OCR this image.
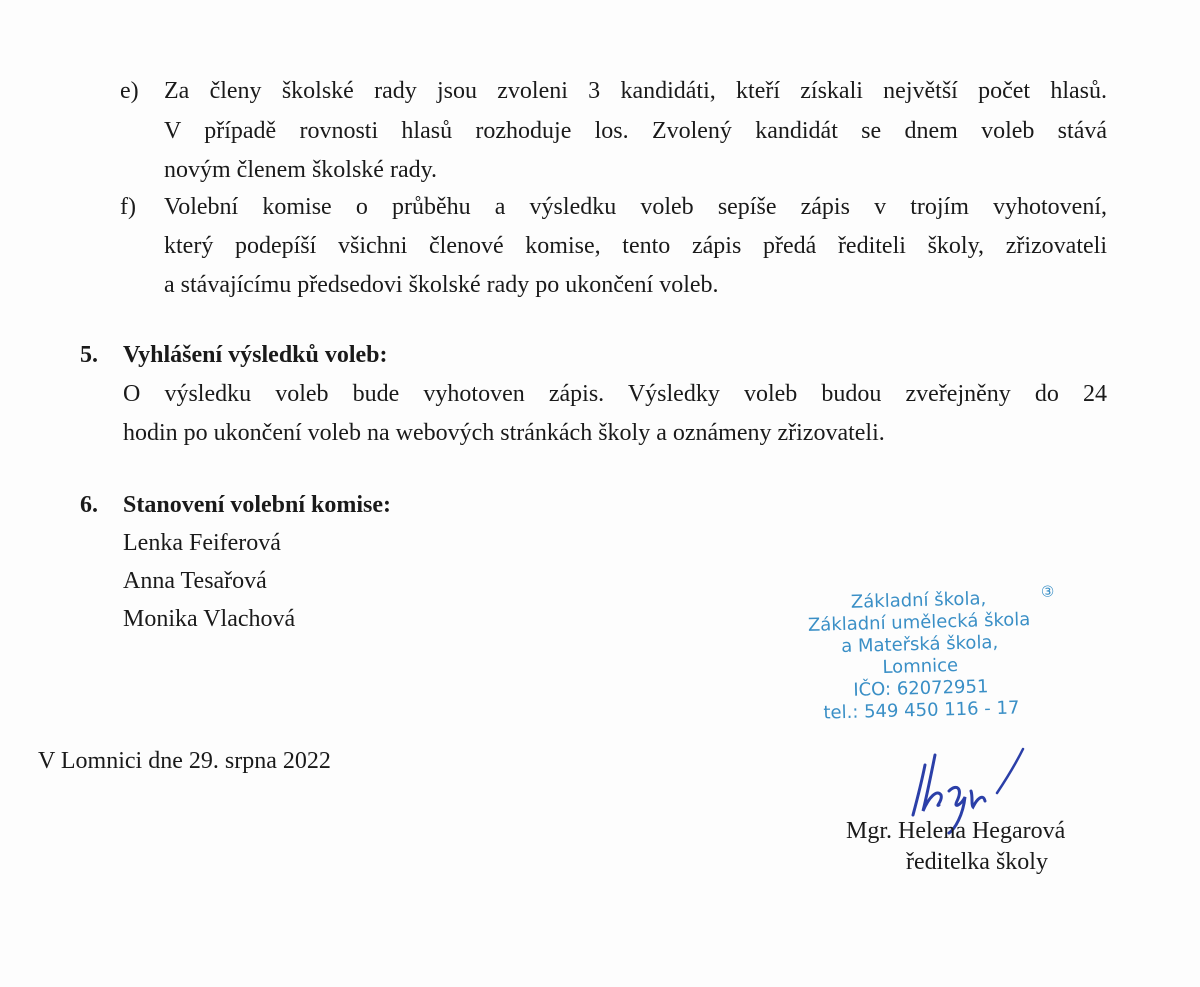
e) Za členy školské rady jsou zvoleni 3 kandidáti, kteří získali největší počet hlasů.
V případě rovnosti hlasů rozhoduje los. Zvolený kandidát se dnem voleb stává
novým členem školské rady.
f) Volební komise o průběhu a výsledku voleb sepíše zápis v trojím vyhotovení,
který podepíší všichni členové komise, tento zápis předá řediteli školy, zřizovateli
a stávajícímu předsedovi školské rady po ukončení voleb.
5. Vyhlášení výsledků voleb:
O výsledku voleb bude vyhotoven zápis. Výsledky voleb budou zveřejněny do 24
hodin po ukončení voleb na webových stránkách školy a oznámeny zřizovateli.
6. Stanovení volební komise:
Lenka Feiferová
Anna Tesařová
Monika Vlachová
③
Základní škola,
Základní umělecká škola
a Mateřská škola,
Lomnice
IČO: 62072951
tel.: 549 450 116 - 17
V Lomnici dne 29. srpna 2022
Mgr. Helena Hegarová
ředitelka školy
